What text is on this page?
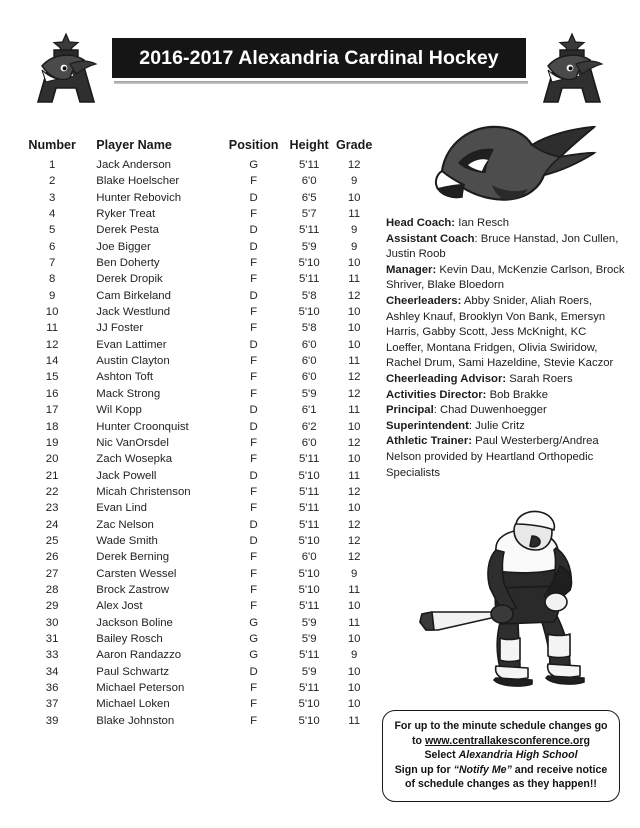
2016-2017 Alexandria Cardinal Hockey
Number	Player Name	Position	Height	Grade
1	Jack Anderson	G	5'11	12
2	Blake Hoelscher	F	6'0	9
3	Hunter Rebovich	D	6'5	10
4	Ryker Treat	F	5'7	11
5	Derek Pesta	D	5'11	9
6	Joe Bigger	D	5'9	9
7	Ben Doherty	F	5'10	10
8	Derek Dropik	F	5'11	11
9	Cam Birkeland	D	5'8	12
10	Jack Westlund	F	5'10	10
11	JJ Foster	F	5'8	10
12	Evan Lattimer	D	6'0	10
14	Austin Clayton	F	6'0	11
15	Ashton Toft	F	6'0	12
16	Mack Strong	F	5'9	12
17	Wil Kopp	D	6'1	11
18	Hunter Croonquist	D	6'2	10
19	Nic VanOrsdel	F	6'0	12
20	Zach Wosepka	F	5'11	10
21	Jack Powell	D	5'10	11
22	Micah Christenson	F	5'11	12
23	Evan Lind	F	5'11	10
24	Zac Nelson	D	5'11	12
25	Wade Smith	D	5'10	12
26	Derek Berning	F	6'0	12
27	Carsten Wessel	F	5'10	9
28	Brock Zastrow	F	5'10	11
29	Alex Jost	F	5'11	10
30	Jackson Boline	G	5'9	11
31	Bailey Rosch	G	5'9	10
33	Aaron Randazzo	G	5'11	9
34	Paul Schwartz	D	5'9	10
36	Michael Peterson	F	5'11	10
37	Michael Loken	F	5'10	10
39	Blake Johnston	F	5'10	11

Head Coach: Ian Resch

Assistant Coach: Bruce Hanstad, Jon Cullen, Justin Roob

Manager: Kevin Dau, McKenzie Carlson, Brock Shriver, Blake Bloedorn

Cheerleaders: Abby Snider, Aliah Roers, Ashley Knauf, Brooklyn Von Bank, Emersyn Harris, Gabby Scott, Jess McKnight, KC Loeffer, Montana Fridgen, Olivia Swiridow, Rachel Drum, Sami Hazeldine, Stevie Kaczor

Cheerleading Advisor: Sarah Roers

Activities Director: Bob Brakke

Principal: Chad Duwenhoegger

Superintendent: Julie Critz

Athletic Trainer: Paul Westerberg/Andrea Nelson provided by Heartland Orthopedic Specialists

For up to the minute schedule changes go
to www.centrallakesconference.org
Select Alexandria High School
Sign up for “Notify Me” and receive notice
of schedule changes as they happen!!
